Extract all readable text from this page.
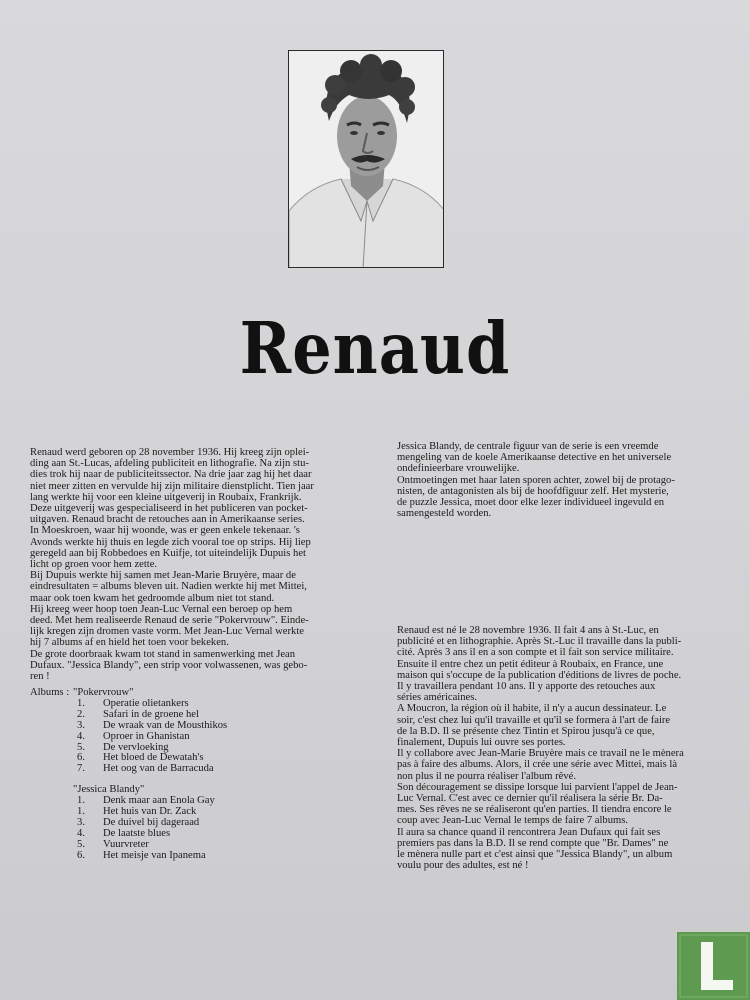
Renaud

Renaud werd geboren op 28 november 1936. Hij kreeg zijn oplei-
ding aan St.-Lucas, afdeling publiciteit en lithografie. Na zijn stu-
dies trok hij naar de publiciteitssector. Na drie jaar zag hij het daar
niet meer zitten en vervulde hij zijn militaire dienstplicht. Tien jaar
lang werkte hij voor een kleine uitgeverij in Roubaix, Frankrijk.
Deze uitgeverij was gespecialiseerd in het publiceren van pocket-
uitgaven. Renaud bracht de retouches aan in Amerikaanse series.
In Moeskroen, waar hij woonde, was er geen enkele tekenaar. 's
Avonds werkte hij thuis en legde zich vooral toe op strips. Hij liep
geregeld aan bij Robbedoes en Kuifje, tot uiteindelijk Dupuis het
licht op groen voor hem zette.
Bij Dupuis werkte hij samen met Jean-Marie Bruyère, maar de
eindresultaten = albums bleven uit. Nadien werkte hij met Mittei,
maar ook toen kwam het gedroomde album niet tot stand.
Hij kreeg weer hoop toen Jean-Luc Vernal een beroep op hem
deed. Met hem realiseerde Renaud de serie "Pokervrouw". Einde-
lijk kregen zijn dromen vaste vorm. Met Jean-Luc Vernal werkte
hij 7 albums af en hield het toen voor bekeken.
De grote doorbraak kwam tot stand in samenwerking met Jean
Dufaux. "Jessica Blandy", een strip voor volwassenen, was gebo-
ren !

Albums : "Pokervrouw"
1. Operatie olietankers
2. Safari in de groene hel
3. De wraak van de Mousthikos
4. Oproer in Ghanistan
5. De vervloeking
6. Het bloed de Dewatah's
7. Het oog van de Barracuda
"Jessica Blandy"
1. Denk maar aan Enola Gay
1. Het huis van Dr. Zack
3. De duivel bij dageraad
4. De laatste blues
5. Vuurvreter
6. Het meisje van Ipanema

Jessica Blandy, de centrale figuur van de serie is een vreemde
mengeling van de koele Amerikaanse detective en het universele
ondefinieerbare vrouwelijke.
Ontmoetingen met haar laten sporen achter, zowel bij de protago-
nisten, de antagonisten als bij de hoofdfiguur zelf. Het mysterie,
de puzzle Jessica, moet door elke lezer individueel ingevuld en
samengesteld worden.

Renaud est né le 28 novembre 1936. Il fait 4 ans à St.-Luc, en
publicité et en lithographie. Après St.-Luc il travaille dans la publi-
cité. Après 3 ans il en a son compte et il fait son service militaire.
Ensuite il entre chez un petit éditeur à Roubaix, en France, une
maison qui s'occupe de la publication d'éditions de livres de poche.
Il y travaillera pendant 10 ans. Il y apporte des retouches aux
séries américaines.
A Moucron, la région où il habite, il n'y a aucun dessinateur. Le
soir, c'est chez lui qu'il travaille et qu'il se formera à l'art de faire
de la B.D. Il se présente chez Tintin et Spirou jusqu'à ce que,
finalement, Dupuis lui ouvre ses portes.
Il y collabore avec Jean-Marie Bruyère mais ce travail ne le mènera
pas à faire des albums. Alors, il crée une série avec Mittei, mais là
non plus il ne pourra réaliser l'album rêvé.
Son découragement se dissipe lorsque lui parvient l'appel de Jean-
Luc Vernal. C'est avec ce dernier qu'il réalisera la série Br. Da-
mes. Ses rêves ne se réaliseront qu'en parties. Il tiendra encore le
coup avec Jean-Luc Vernal le temps de faire 7 albums.
Il aura sa chance quand il rencontrera Jean Dufaux qui fait ses
premiers pas dans la B.D. Il se rend compte que "Br. Dames" ne
le mènera nulle part et c'est ainsi que "Jessica Blandy", un album
voulu pour des adultes, est né !
